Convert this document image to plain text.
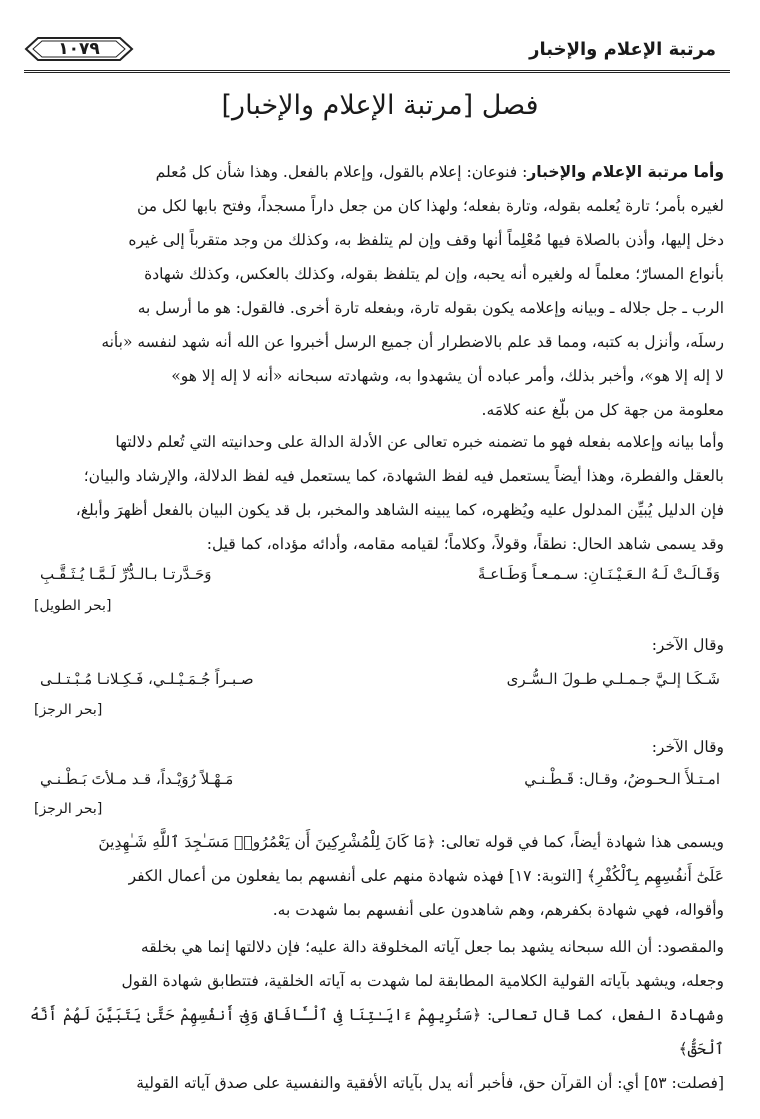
مرتبة الإعلام والإخبار
١٠٧٩
فصل [مرتبة الإعلام والإخبار]

وأما مرتبة الإعلام والإخبار: فنوعان: إعلام بالقول، وإعلام بالفعل. وهذا شأن كل مُعلم

لغيره بأمر؛ تارة يُعلمه بقوله، وتارة بفعله؛ ولهذا كان من جعل داراً مسجداً، وفتح بابها لكل من

دخل إليها، وأذن بالصلاة فيها مُعْلِماً أنها وقف وإن لم يتلفظ به، وكذلك من وجد متقرباً إلى غيره

بأنواع المسارّ؛ معلماً له ولغيره أنه يحبه، وإن لم يتلفظ بقوله، وكذلك بالعكس، وكذلك شهادة

الرب ـ جل جلاله ـ وبيانه وإعلامه يكون بقوله تارة، وبفعله تارة أخرى. فالقول: هو ما أرسل به

رسلَه، وأنزل به كتبه، ومما قد علم بالاضطرار أن جميع الرسل أخبروا عن الله أنه شهد لنفسه «بأنه

لا إله إلا هو»، وأخبر بذلك، وأمر عباده أن يشهدوا به، وشهادته سبحانه «أنه لا إله إلا هو»

معلومة من جهة كل من بلّغ عنه كلامَه.

وأما بيانه وإعلامه بفعله فهو ما تضمنه خبره تعالى عن الأدلة الدالة على وحدانيته التي تُعلم دلالتها

بالعقل والفطرة، وهذا أيضاً يستعمل فيه لفظ الشهادة، كما يستعمل فيه لفظ الدلالة، والإرشاد والبيان؛

فإن الدليل يُبيِّن المدلول عليه ويُظهره، كما يبينه الشاهد والمخبر، بل قد يكون البيان بالفعل أظهرَ وأبلغ،

وقد يسمى شاهد الحال: نطقاً، وقولاً، وكلاماً؛ لقيامه مقامه، وأدائه مؤداه، كما قيل:

وَقَـالَـتْ لَـهُ الـعَـيْـنَـانِ: سـمـعـاً وَطَـاعـةً
وَحَـدَّرتـا بـالـدُّرِّ لَـمَّـا يُـثَـقَّـبِ
[بحر الطويل]
وقال الآخر:
شَـكَـا إلـيَّ جـمـلـي طـولَ الـسُّـرى
صـبـراً جُـمَـيْـلـي، فَـكِـلانـا مُـبْـتـلـى
[بحر الرجز]
وقال الآخر:
امـتـلأَ الـحـوضُ، وقـال: قَـطْـنـي
مَـهْـلاً رُوَيْـداً، قـد مـلأتَ بَـطْـنـي
[بحر الرجز]

ويسمى هذا شهادة أيضاً، كما في قوله تعالى: ﴿مَا كَانَ لِلْمُشْرِكِينَ أَن يَعْمُرُوا۟ مَسَـٰجِدَ ٱللَّهِ شَـٰهِدِينَ

عَلَىٰٓ أَنفُسِهِم بِٱلْكُفْرِ﴾ [التوبة: ١٧] فهذه شهادة منهم على أنفسهم بما يفعلون من أعمال الكفر

وأقواله، فهي شهادة بكفرهم، وهم شاهدون على أنفسهم بما شهدت به.

والمقصود: أن الله سبحانه يشهد بما جعل آياته المخلوقة دالة عليه؛ فإن دلالتها إنما هي بخلقه

وجعله، ويشهد بآياته القولية الكلامية المطابقة لما شهدت به آياته الخلقية، فتتطابق شهادة القول

وشهادة الفعل، كما قال تعالى: ﴿سَنُرِيهِمْ ءَايَـٰتِنَا فِى ٱلْـَٔافَاقِ وَفِىٓ أَنفُسِهِمْ حَتَّىٰ يَتَبَيَّنَ لَهُمْ أَنَّهُ ٱلْحَقُّ﴾

[فصلت: ٥٣] أي: أن القرآن حق، فأخبر أنه يدل بآياته الأفقية والنفسية على صدق آياته القولية
